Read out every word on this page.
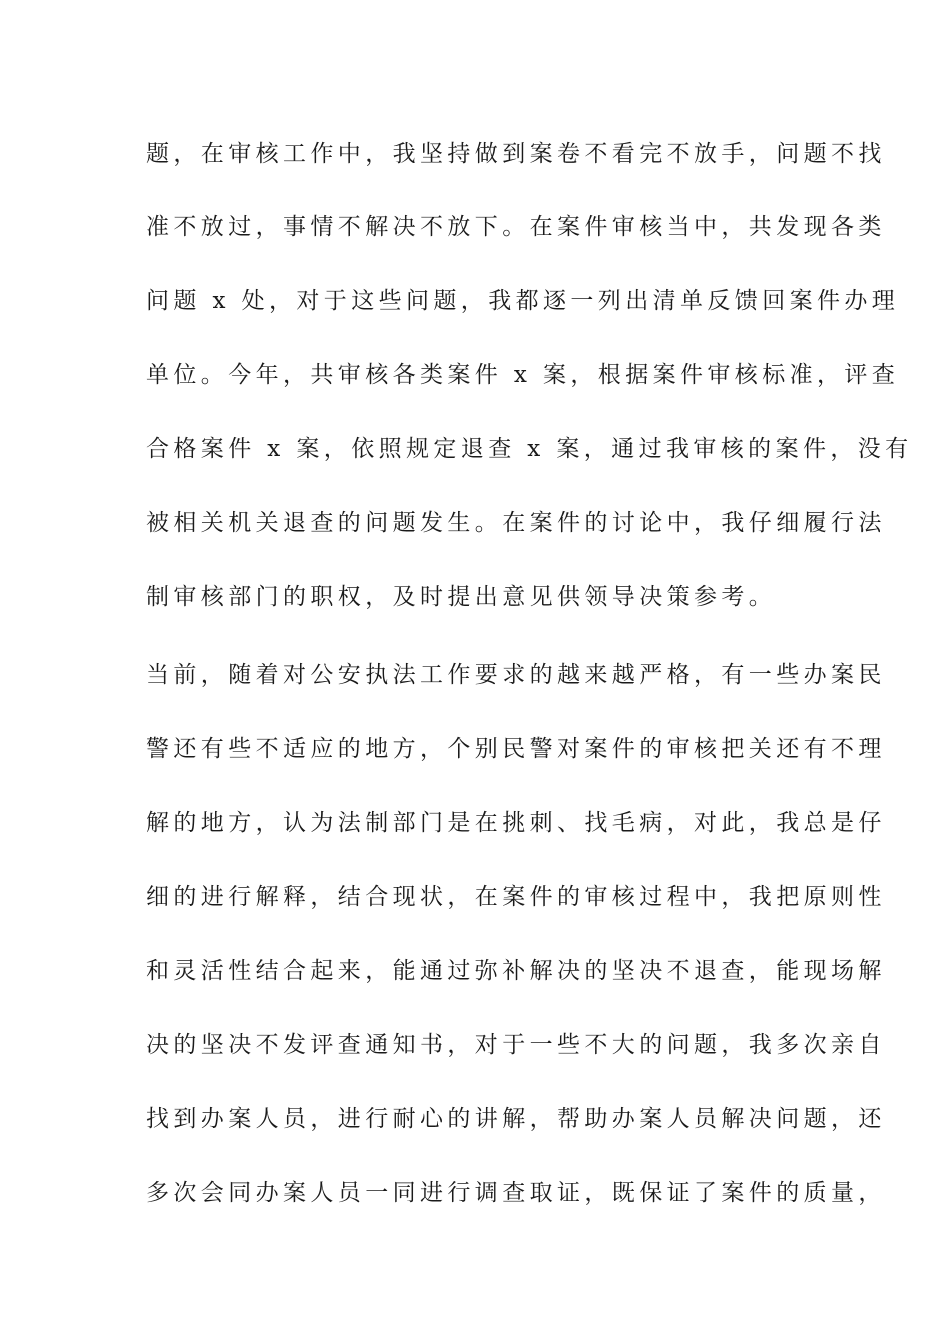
题，在审核工作中，我坚持做到案卷不看完不放手，问题不找
准不放过，事情不解决不放下。在案件审核当中，共发现各类
问题 x 处，对于这些问题，我都逐一列出清单反馈回案件办理
单位。今年，共审核各类案件 x 案，根据案件审核标准，评查
合格案件 x 案，依照规定退查 x 案，通过我审核的案件，没有
被相关机关退查的问题发生。在案件的讨论中，我仔细履行法
制审核部门的职权，及时提出意见供领导决策参考。
当前，随着对公安执法工作要求的越来越严格，有一些办案民
警还有些不适应的地方，个别民警对案件的审核把关还有不理
解的地方，认为法制部门是在挑刺、找毛病，对此，我总是仔
细的进行解释，结合现状，在案件的审核过程中，我把原则性
和灵活性结合起来，能通过弥补解决的坚决不退查，能现场解
决的坚决不发评查通知书，对于一些不大的问题，我多次亲自
找到办案人员，进行耐心的讲解，帮助办案人员解决问题，还
多次会同办案人员一同进行调查取证，既保证了案件的质量，
